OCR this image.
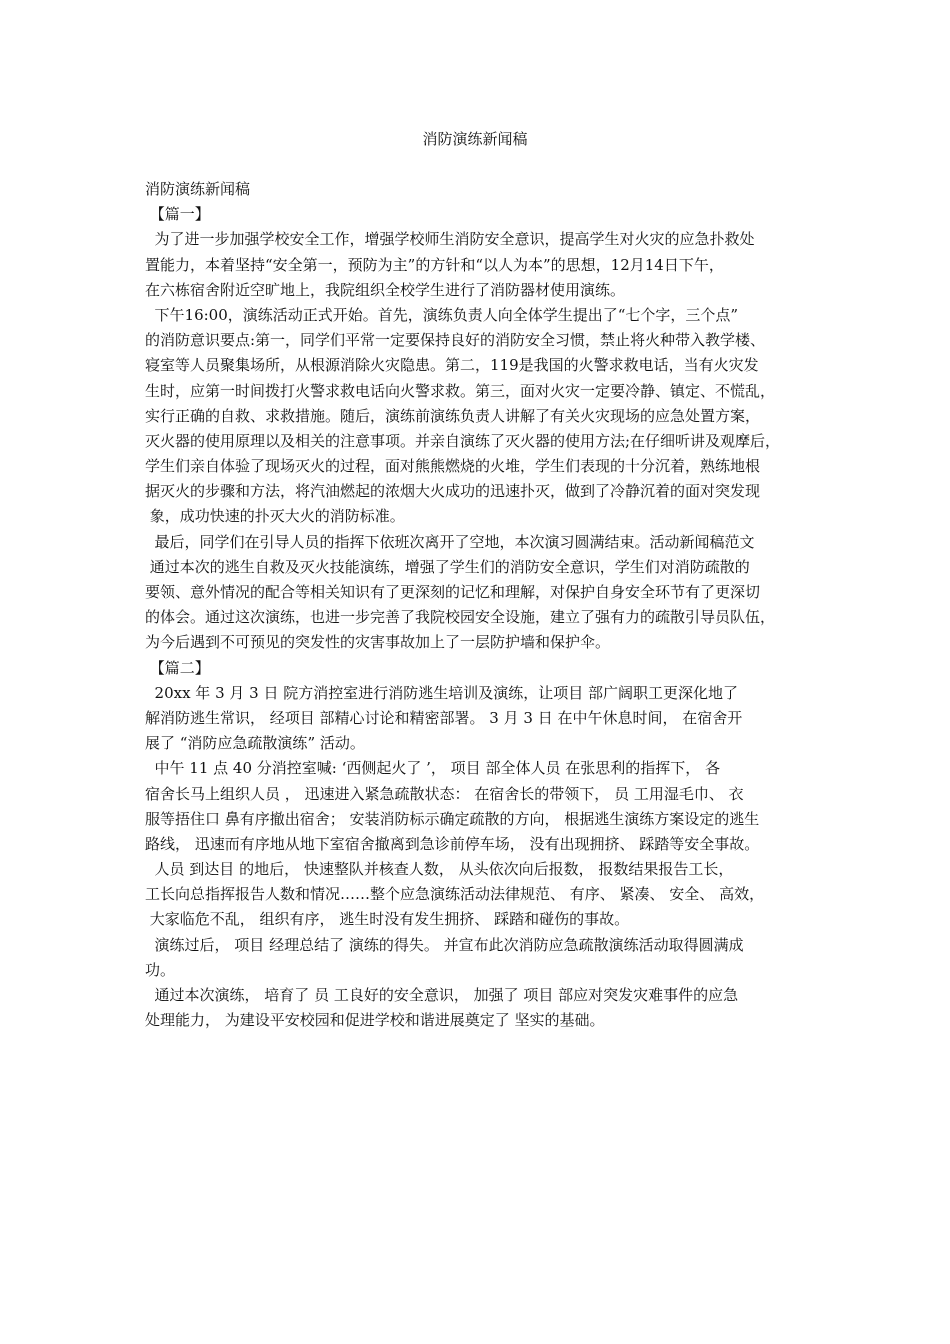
消防演练新闻稿
消防演练新闻稿
【篇一】
为了进一步加强学校安全工作，增强学校师生消防安全意识，提高学生对火灾的应急扑救处
置能力，本着坚持“安全第一，预防为主”的方针和“以人为本”的思想，12月14日下午，
在六栋宿舍附近空旷地上，我院组织全校学生进行了消防器材使用演练。
下午16:00，演练活动正式开始。首先，演练负责人向全体学生提出了“七个字，三个点”
的消防意识要点:第一，同学们平常一定要保持良好的消防安全习惯，禁止将火种带入教学楼、
寝室等人员聚集场所，从根源消除火灾隐患。第二，119是我国的火警求救电话，当有火灾发
生时，应第一时间拨打火警求救电话向火警求救。第三，面对火灾一定要冷静、镇定、不慌乱，
实行正确的自救、求救措施。随后，演练前演练负责人讲解了有关火灾现场的应急处置方案，
灭火器的使用原理以及相关的注意事项。并亲自演练了灭火器的使用方法;在仔细听讲及观摩后，
学生们亲自体验了现场灭火的过程，面对熊熊燃烧的火堆，学生们表现的十分沉着，熟练地根
据灭火的步骤和方法，将汽油燃起的浓烟大火成功的迅速扑灭，做到了冷静沉着的面对突发现
象，成功快速的扑灭大火的消防标准。
最后，同学们在引导人员的指挥下依班次离开了空地，本次演习圆满结束。活动新闻稿范文
通过本次的逃生自救及灭火技能演练，增强了学生们的消防安全意识，学生们对消防疏散的
要领、意外情况的配合等相关知识有了更深刻的记忆和理解，对保护自身安全环节有了更深切
的体会。通过这次演练，也进一步完善了我院校园安全设施，建立了强有力的疏散引导员队伍，
为今后遇到不可预见的突发性的灾害事故加上了一层防护墙和保护伞。
【篇二】
20xx 年 3 月 3 日 院方消控室进行消防逃生培训及演练，让项目 部广阔职工更深化地了
解消防逃生常识， 经项目 部精心讨论和精密部署。 3 月 3 日 在中午休息时间， 在宿舍开
展了 “消防应急疏散演练” 活动。
中午 11 点 40 分消控室喊: ‘西侧起火了 ’， 项目 部全体人员 在张思利的指挥下， 各
宿舍长马上组织人员 ， 迅速进入紧急疏散状态： 在宿舍长的带领下， 员 工用湿毛巾、 衣
服等捂住口 鼻有序撤出宿舍； 安装消防标示确定疏散的方向， 根据逃生演练方案设定的逃生
路线， 迅速而有序地从地下室宿舍撤离到急诊前停车场， 没有出现拥挤、 踩踏等安全事故。
人员 到达目 的地后， 快速整队并核查人数， 从头依次向后报数， 报数结果报告工长，
工长向总指挥报告人数和情况……整个应急演练活动法律规范、 有序、 紧凑、 安全、 高效，
大家临危不乱， 组织有序， 逃生时没有发生拥挤、 踩踏和碰伤的事故。
演练过后， 项目 经理总结了 演练的得失。 并宣布此次消防应急疏散演练活动取得圆满成
功。
通过本次演练， 培育了 员 工良好的安全意识， 加强了 项目 部应对突发灾难事件的应急
处理能力， 为建设平安校园和促进学校和谐进展奠定了 坚实的基础。
